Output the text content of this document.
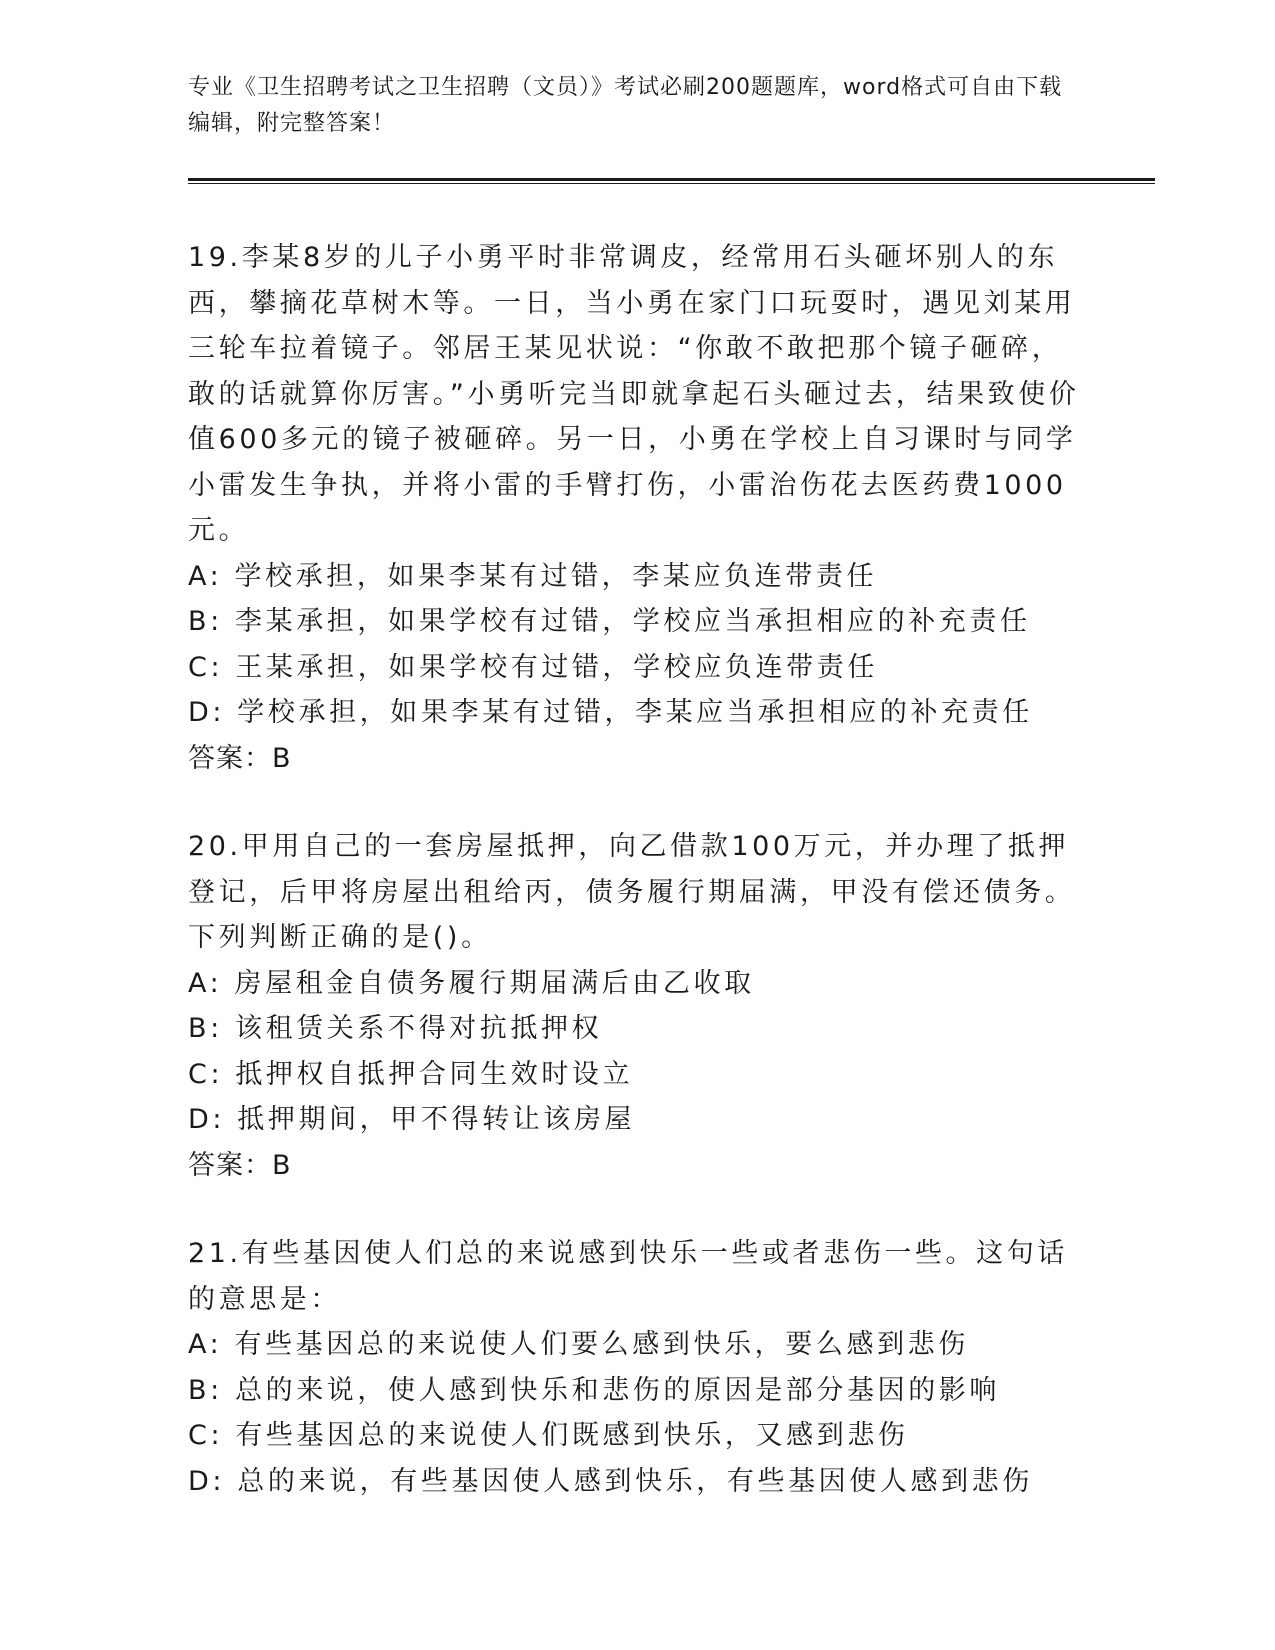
专业《卫生招聘考试之卫生招聘（文员）》考试必刷200题题库，word格式可自由下载编辑，附完整答案！
19.李某8岁的儿子小勇平时非常调皮，经常用石头砸坏别人的东西，攀摘花草树木等。一日，当小勇在家门口玩耍时，遇见刘某用三轮车拉着镜子。邻居王某见状说：“你敢不敢把那个镜子砸碎，敢的话就算你厉害。”小勇听完当即就拿起石头砸过去，结果致使价值600多元的镜子被砸碎。另一日，小勇在学校上自习课时与同学小雷发生争执，并将小雷的手臂打伤，小雷治伤花去医药费1000元。
A: 学校承担，如果李某有过错，李某应负连带责任
B: 李某承担，如果学校有过错，学校应当承担相应的补充责任
C: 王某承担，如果学校有过错，学校应负连带责任
D: 学校承担，如果李某有过错，李某应当承担相应的补充责任
答案：B
20.甲用自己的一套房屋抵押，向乙借款100万元，并办理了抵押登记，后甲将房屋出租给丙，债务履行期届满，甲没有偿还债务。下列判断正确的是()。
A: 房屋租金自债务履行期届满后由乙收取
B: 该租赁关系不得对抗抵押权
C: 抵押权自抵押合同生效时设立
D: 抵押期间，甲不得转让该房屋
答案：B
21.有些基因使人们总的来说感到快乐一些或者悲伤一些。这句话的意思是：
A: 有些基因总的来说使人们要么感到快乐，要么感到悲伤
B: 总的来说，使人感到快乐和悲伤的原因是部分基因的影响
C: 有些基因总的来说使人们既感到快乐，又感到悲伤
D: 总的来说，有些基因使人感到快乐，有些基因使人感到悲伤
